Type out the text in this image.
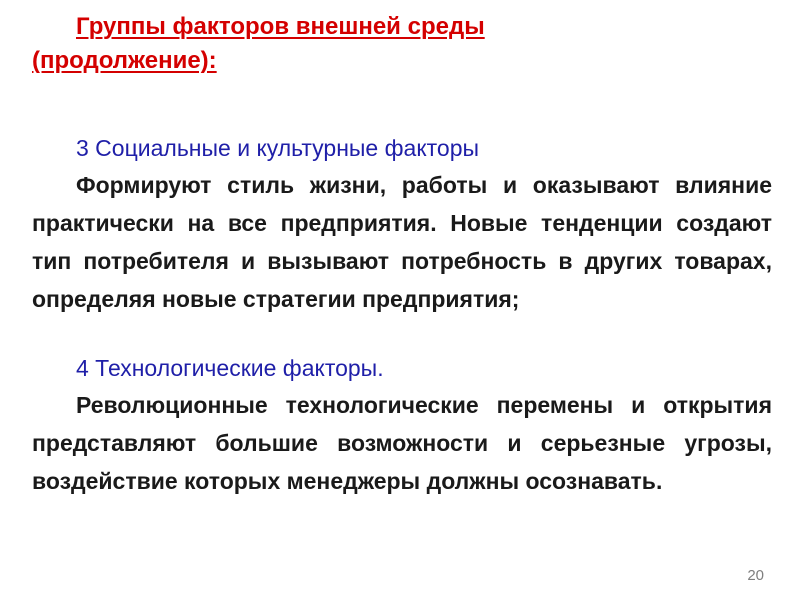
Группы факторов внешней среды
(продолжение):

3 Социальные и культурные факторы

Формируют стиль жизни, работы и оказывают влияние практически на все предприятия. Новые тенденции создают тип потребителя и вызывают потребность в других товарах, определяя новые стратегии предприятия;

4 Технологические факторы.

Революционные технологические перемены и открытия представляют большие возможности и серьезные угрозы, воздействие которых менеджеры должны осознавать.

20
